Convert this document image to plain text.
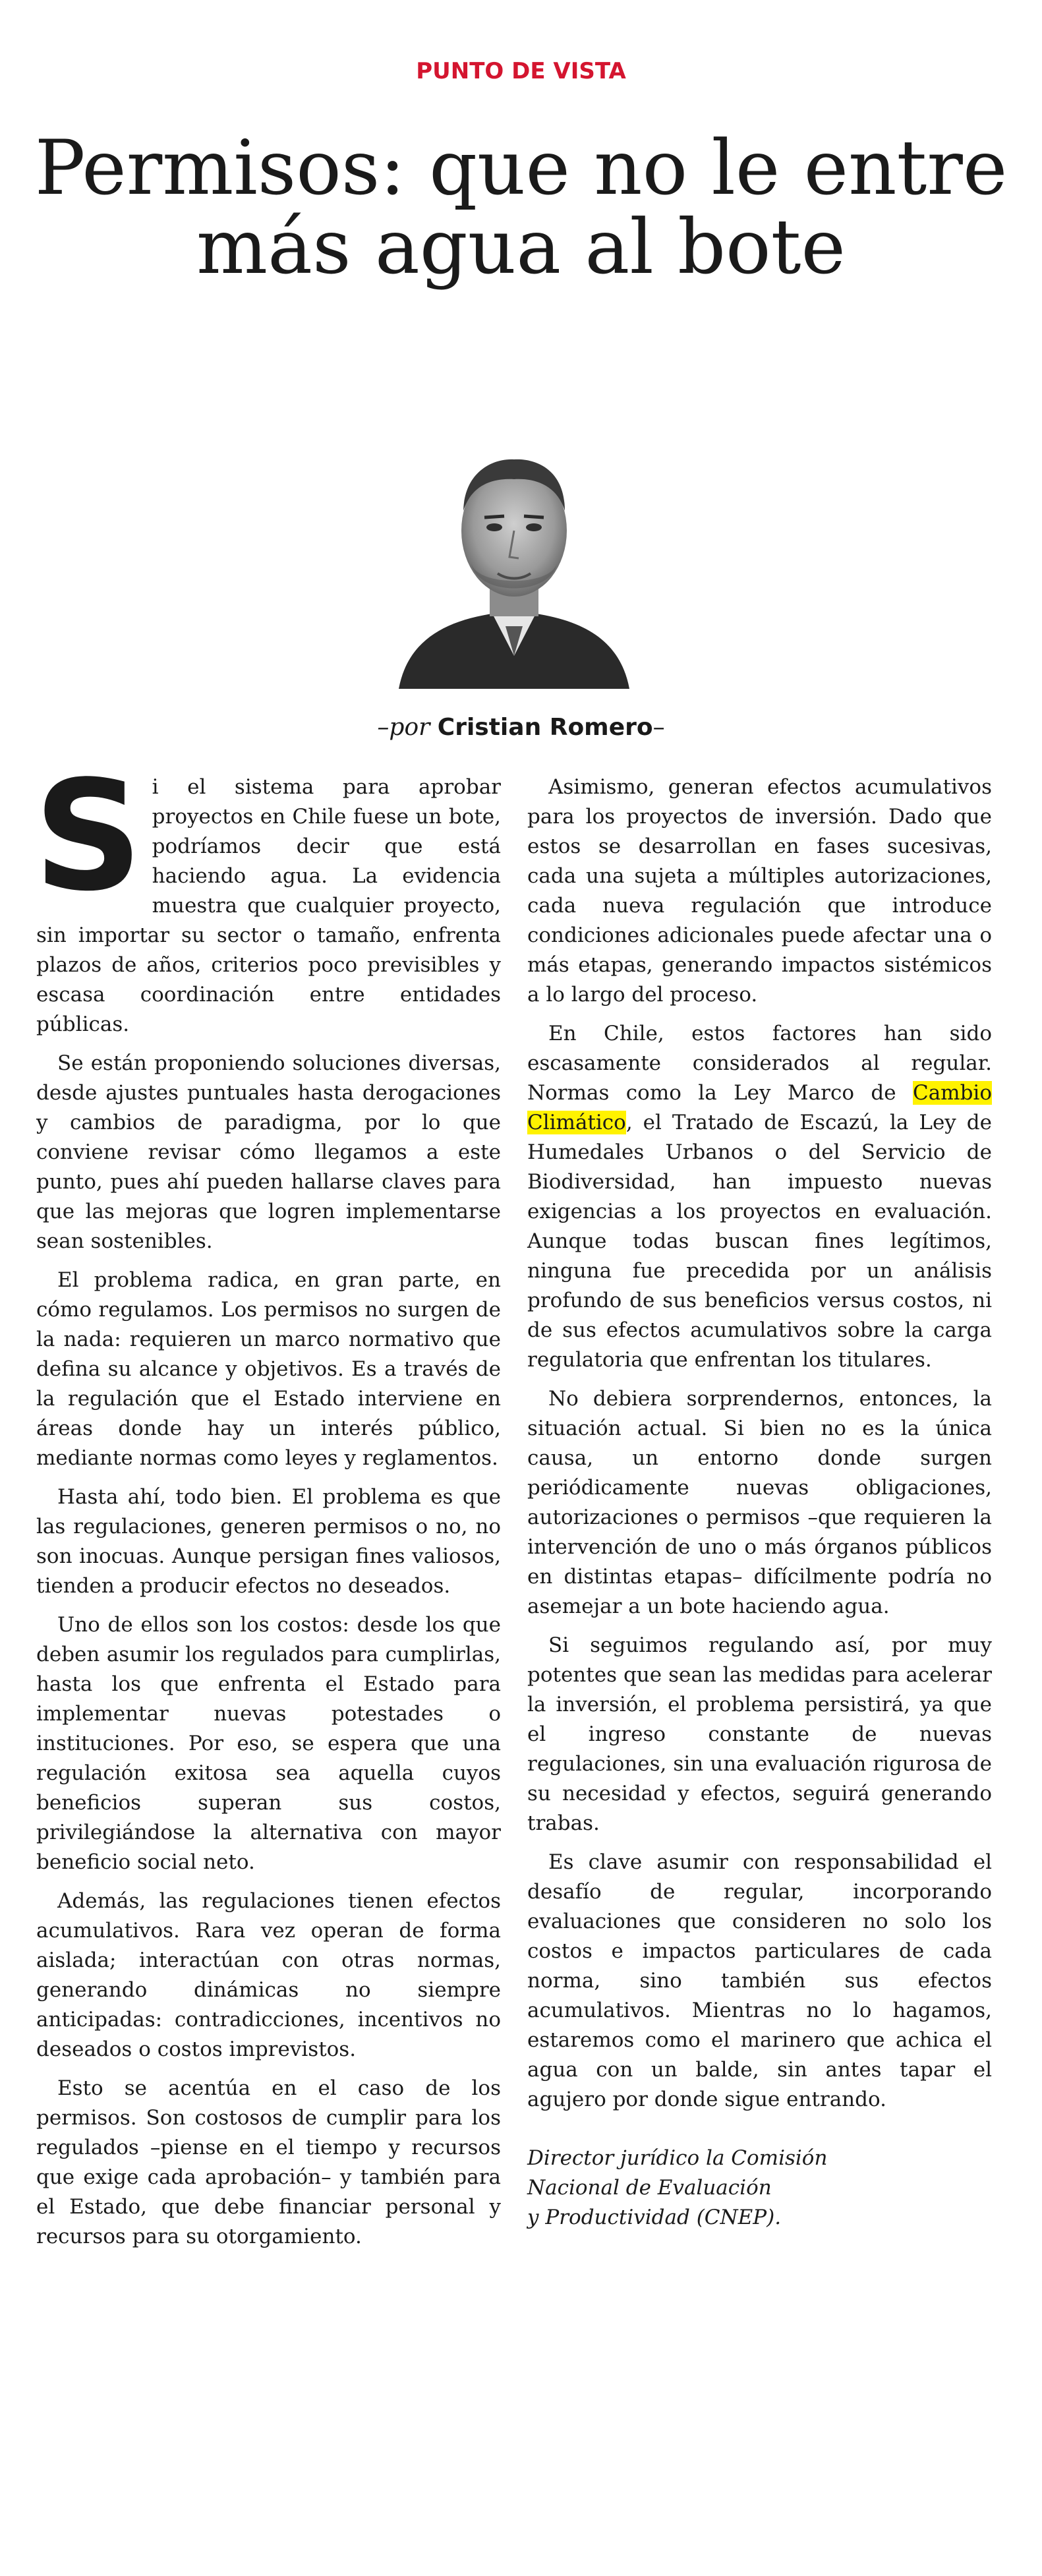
PUNTO DE VISTA
Permisos: que no le entre más agua al bote
–por Cristian Romero–

Si el sistema para aprobar proyectos en Chile fuese un bote, podríamos decir que está haciendo agua. La evidencia muestra que cualquier proyecto, sin importar su sector o tamaño, enfrenta plazos de años, criterios poco previsibles y escasa coordinación entre entidades públicas.

Se están proponiendo soluciones diversas, desde ajustes puntuales hasta derogaciones y cambios de paradigma, por lo que conviene revisar cómo llegamos a este punto, pues ahí pueden hallarse claves para que las mejoras que logren implementarse sean sostenibles.

El problema radica, en gran parte, en cómo regulamos. Los permisos no surgen de la nada: requieren un marco normativo que defina su alcance y objetivos. Es a través de la regulación que el Estado interviene en áreas donde hay un interés público, mediante normas como leyes y reglamentos.

Hasta ahí, todo bien. El problema es que las regulaciones, generen permisos o no, no son inocuas. Aunque persigan fines valiosos, tienden a producir efectos no deseados.

Uno de ellos son los costos: desde los que deben asumir los regulados para cumplirlas, hasta los que enfrenta el Estado para implementar nuevas potestades o instituciones. Por eso, se espera que una regulación exitosa sea aquella cuyos beneficios superan sus costos, privilegiándose la alternativa con mayor beneficio social neto.

Además, las regulaciones tienen efectos acumulativos. Rara vez operan de forma aislada; interactúan con otras normas, generando dinámicas no siempre anticipadas: contradicciones, incentivos no deseados o costos imprevistos.

Esto se acentúa en el caso de los permisos. Son costosos de cumplir para los regulados –piense en el tiempo y recursos que exige cada aprobación– y también para el Estado, que debe financiar personal y recursos para su otorgamiento.

Asimismo, generan efectos acumulativos para los proyectos de inversión. Dado que estos se desarrollan en fases sucesivas, cada una sujeta a múltiples autorizaciones, cada nueva regulación que introduce condiciones adicionales puede afectar una o más etapas, generando impactos sistémicos a lo largo del proceso.

En Chile, estos factores han sido escasamente considerados al regular. Normas como la Ley Marco de Cambio Climático, el Tratado de Escazú, la Ley de Humedales Urbanos o del Servicio de Biodiversidad, han impuesto nuevas exigencias a los proyectos en evaluación. Aunque todas buscan fines legítimos, ninguna fue precedida por un análisis profundo de sus beneficios versus costos, ni de sus efectos acumulativos sobre la carga regulatoria que enfrentan los titulares.

No debiera sorprendernos, entonces, la situación actual. Si bien no es la única causa, un entorno donde surgen periódicamente nuevas obligaciones, autorizaciones o permisos –que requieren la intervención de uno o más órganos públicos en distintas etapas– difícilmente podría no asemejar a un bote haciendo agua.

Si seguimos regulando así, por muy potentes que sean las medidas para acelerar la inversión, el problema persistirá, ya que el ingreso constante de nuevas regulaciones, sin una evaluación rigurosa de su necesidad y efectos, seguirá generando trabas.

Es clave asumir con responsabilidad el desafío de regular, incorporando evaluaciones que consideren no solo los costos e impactos particulares de cada norma, sino también sus efectos acumulativos. Mientras no lo hagamos, estaremos como el marinero que achica el agua con un balde, sin antes tapar el agujero por donde sigue entrando.

Director jurídico la Comisión

Nacional de Evaluación

y Productividad (CNEP).
